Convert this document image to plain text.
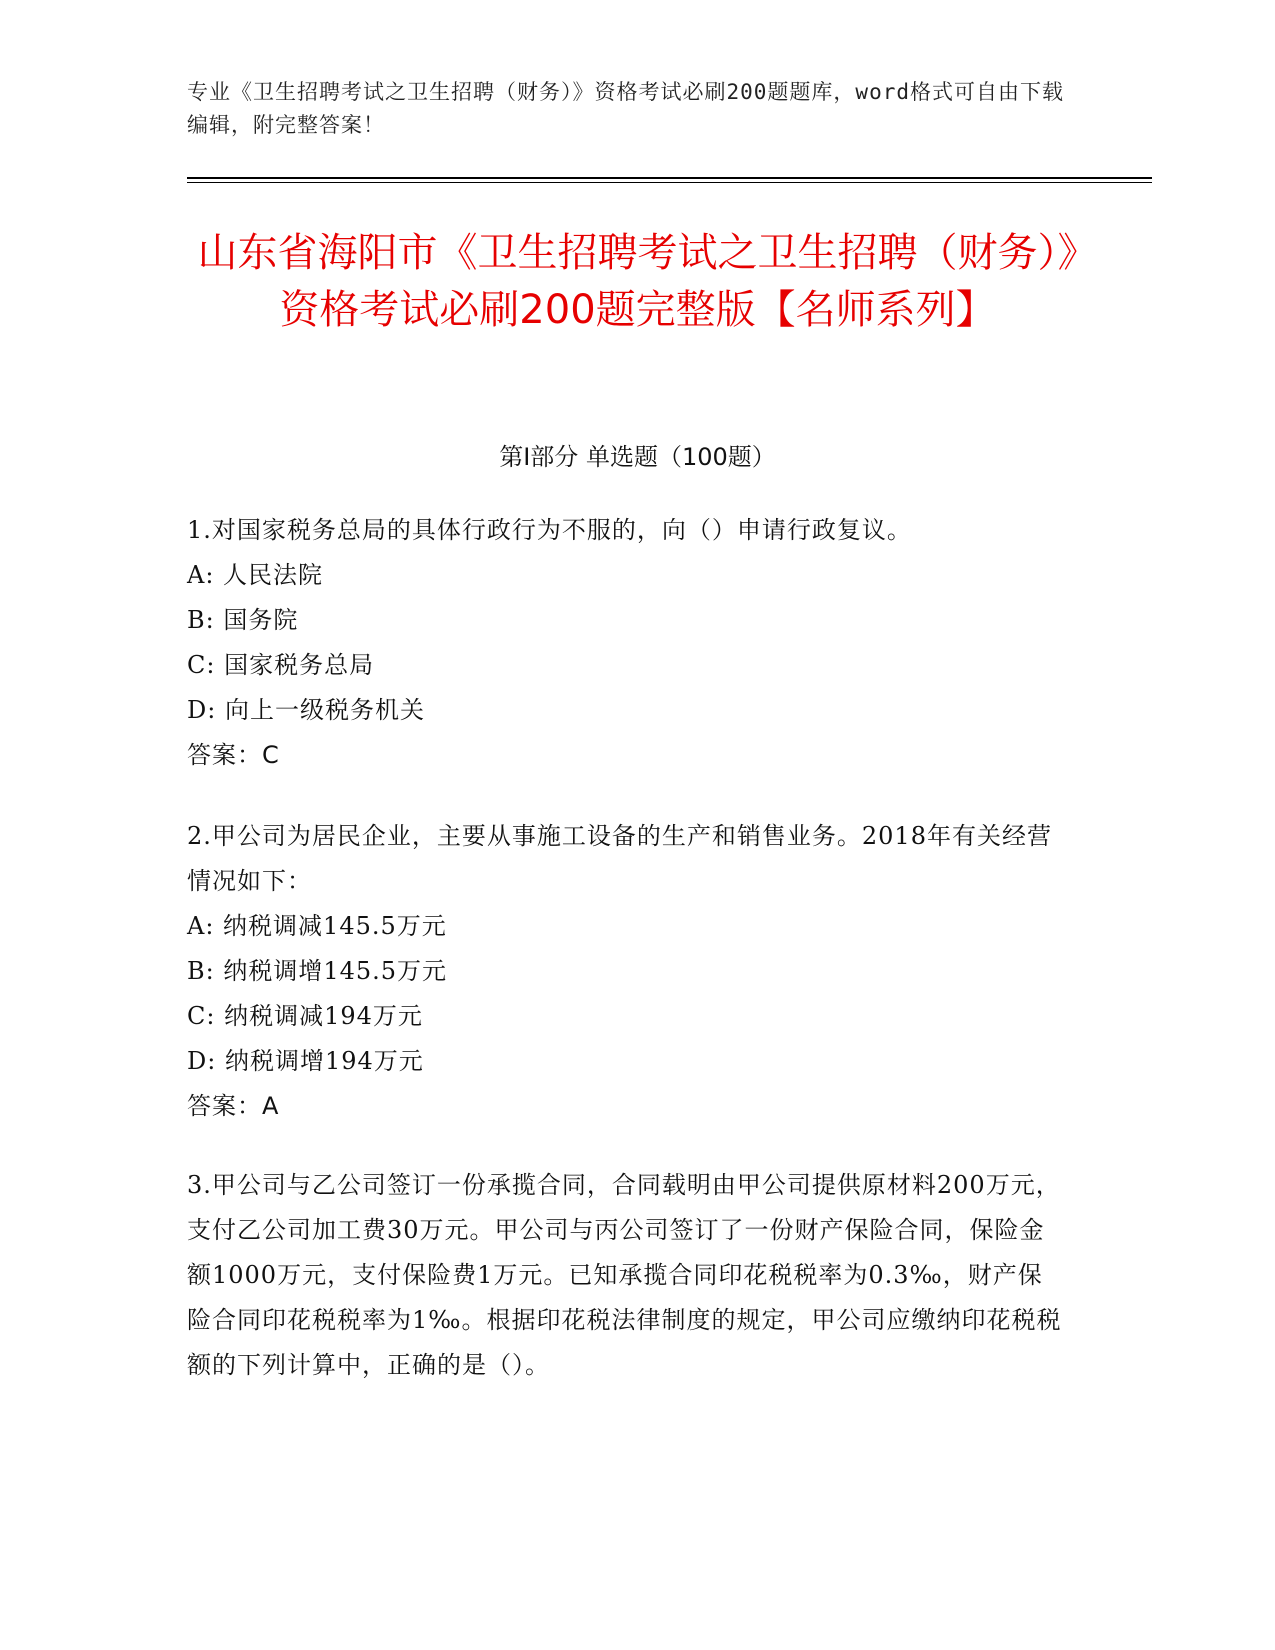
专业《卫生招聘考试之卫生招聘（财务）》资格考试必刷200题题库，word格式可自由下载编辑，附完整答案！
山东省海阳市《卫生招聘考试之卫生招聘（财务）》资格考试必刷200题完整版【名师系列】
第Ⅰ部分 单选题（100题）
1.对国家税务总局的具体行政行为不服的，向（）申请行政复议。
A: 人民法院
B: 国务院
C: 国家税务总局
D: 向上一级税务机关
答案：C
2.甲公司为居民企业，主要从事施工设备的生产和销售业务。2018年有关经营情况如下：
A: 纳税调减145.5万元
B: 纳税调增145.5万元
C: 纳税调减194万元
D: 纳税调增194万元
答案：A
3.甲公司与乙公司签订一份承揽合同，合同载明由甲公司提供原材料200万元，支付乙公司加工费30万元。甲公司与丙公司签订了一份财产保险合同，保险金额1000万元，支付保险费1万元。已知承揽合同印花税税率为0.3‰，财产保险合同印花税税率为1‰。根据印花税法律制度的规定，甲公司应缴纳印花税税额的下列计算中，正确的是（）。
